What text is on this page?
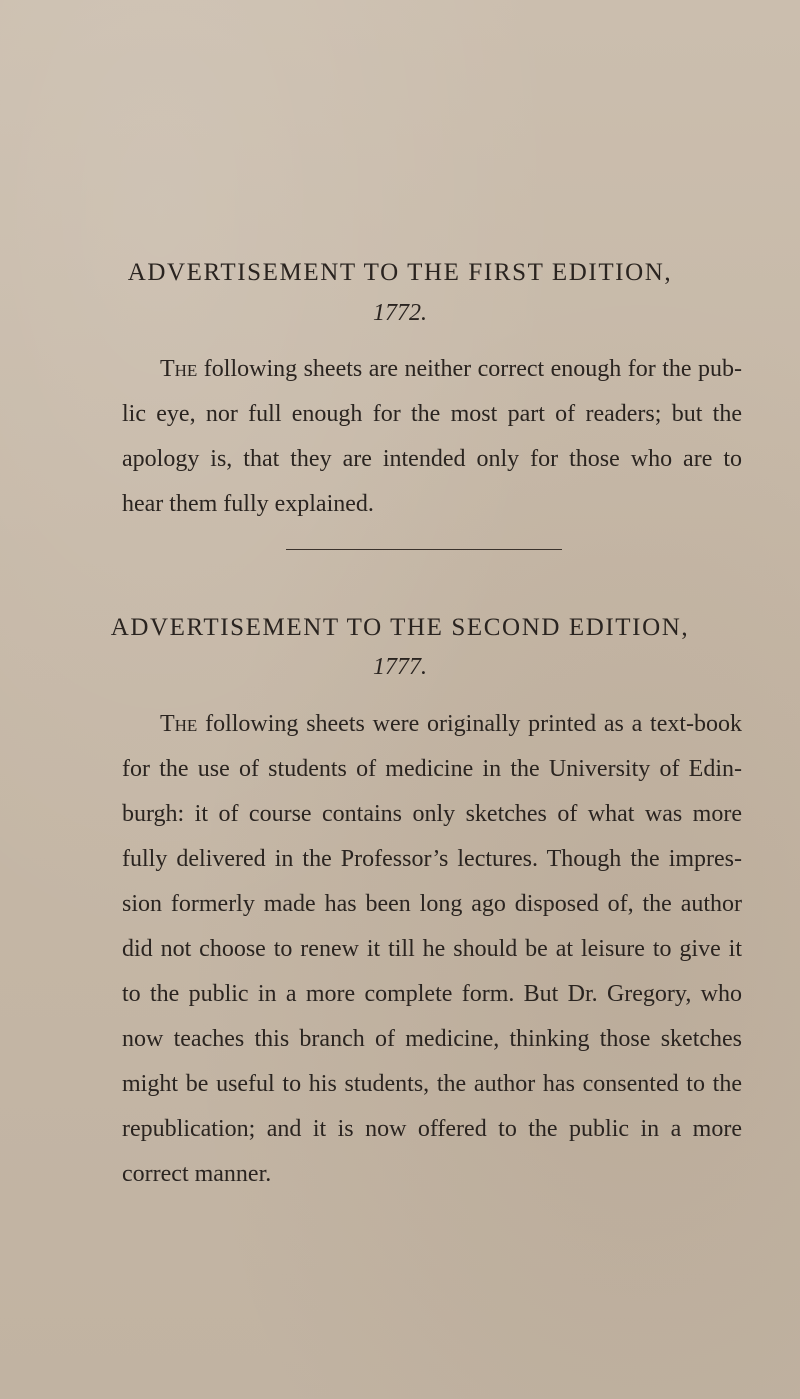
ADVERTISEMENT TO THE FIRST EDITION,
1772.
The following sheets are neither correct enough for the pub-
lic eye, nor full enough for the most part of readers; but the
apology is, that they are intended only for those who are to
hear them fully explained.
ADVERTISEMENT TO THE SECOND EDITION,
1777.
The following sheets were originally printed as a text-book
for the use of students of medicine in the University of Edin-
burgh: it of course contains only sketches of what was more
fully delivered in the Professor’s lectures. Though the impres-
sion formerly made has been long ago disposed of, the author
did not choose to renew it till he should be at leisure to give it
to the public in a more complete form. But Dr. Gregory, who
now teaches this branch of medicine, thinking those sketches
might be useful to his students, the author has consented to the
republication; and it is now offered to the public in a more
correct manner.
